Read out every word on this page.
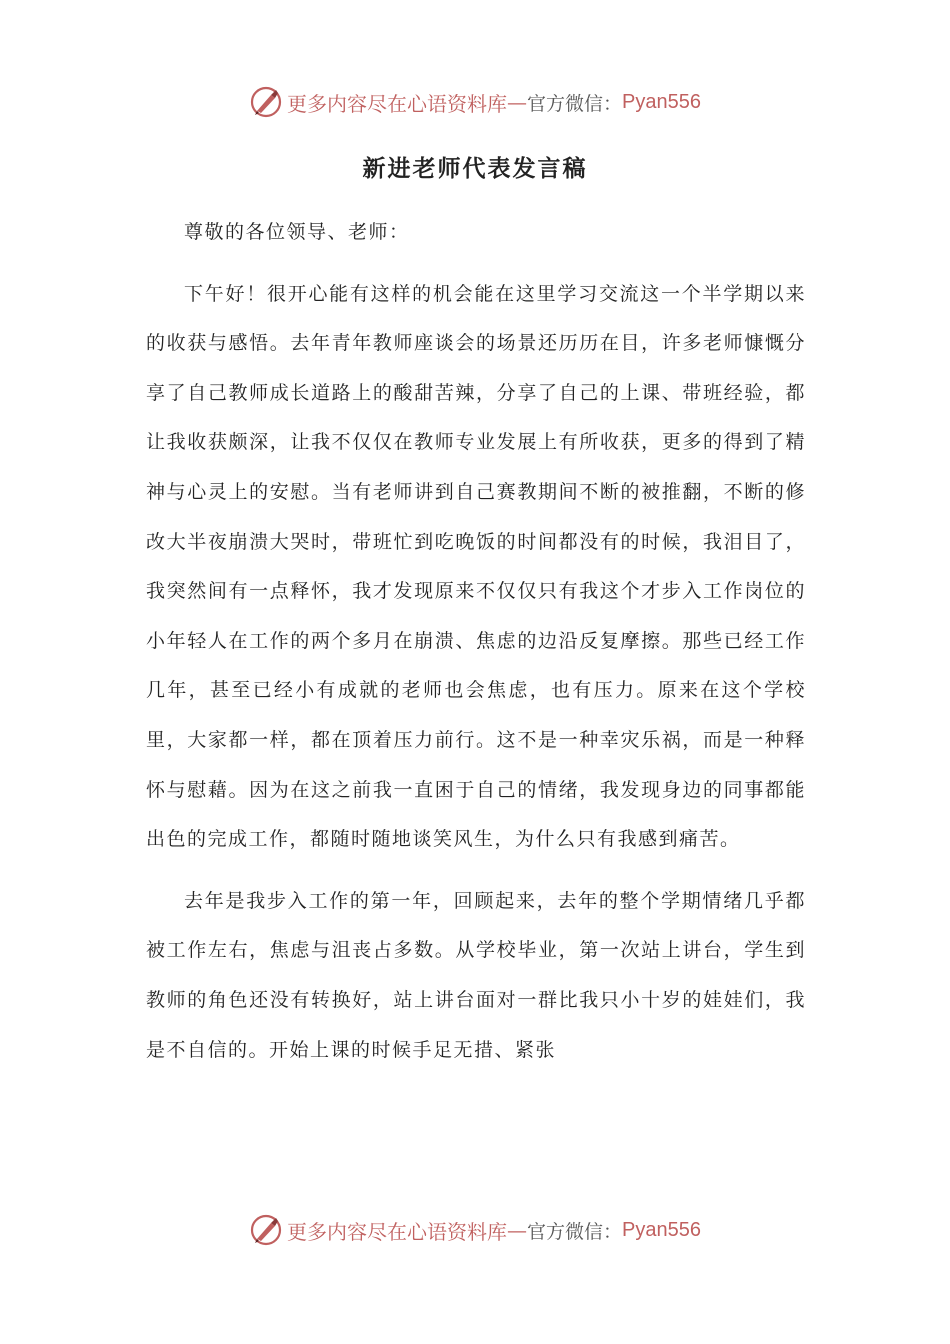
更多内容尽在心语资料库 — 官方微信： Pyan556
新进老师代表发言稿

尊敬的各位领导、老师：

下午好！很开心能有这样的机会能在这里学习交流这一个半学期以来的收获与感悟。去年青年教师座谈会的场景还历历在目，许多老师慷慨分享了自己教师成长道路上的酸甜苦辣，分享了自己的上课、带班经验，都让我收获颇深，让我不仅仅在教师专业发展上有所收获，更多的得到了精神与心灵上的安慰。当有老师讲到自己赛教期间不断的被推翻，不断的修改大半夜崩溃大哭时，带班忙到吃晚饭的时间都没有的时候，我泪目了，我突然间有一点释怀，我才发现原来不仅仅只有我这个才步入工作岗位的小年轻人在工作的两个多月在崩溃、焦虑的边沿反复摩擦。那些已经工作几年，甚至已经小有成就的老师也会焦虑，也有压力。原来在这个学校里，大家都一样，都在顶着压力前行。这不是一种幸灾乐祸，而是一种释怀与慰藉。因为在这之前我一直困于自己的情绪，我发现身边的同事都能出色的完成工作，都随时随地谈笑风生，为什么只有我感到痛苦。

去年是我步入工作的第一年，回顾起来，去年的整个学期情绪几乎都被工作左右，焦虑与沮丧占多数。从学校毕业，第一次站上讲台，学生到教师的角色还没有转换好，站上讲台面对一群比我只小十岁的娃娃们，我是不自信的。开始上课的时候手足无措、紧张

更多内容尽在心语资料库 — 官方微信： Pyan556
